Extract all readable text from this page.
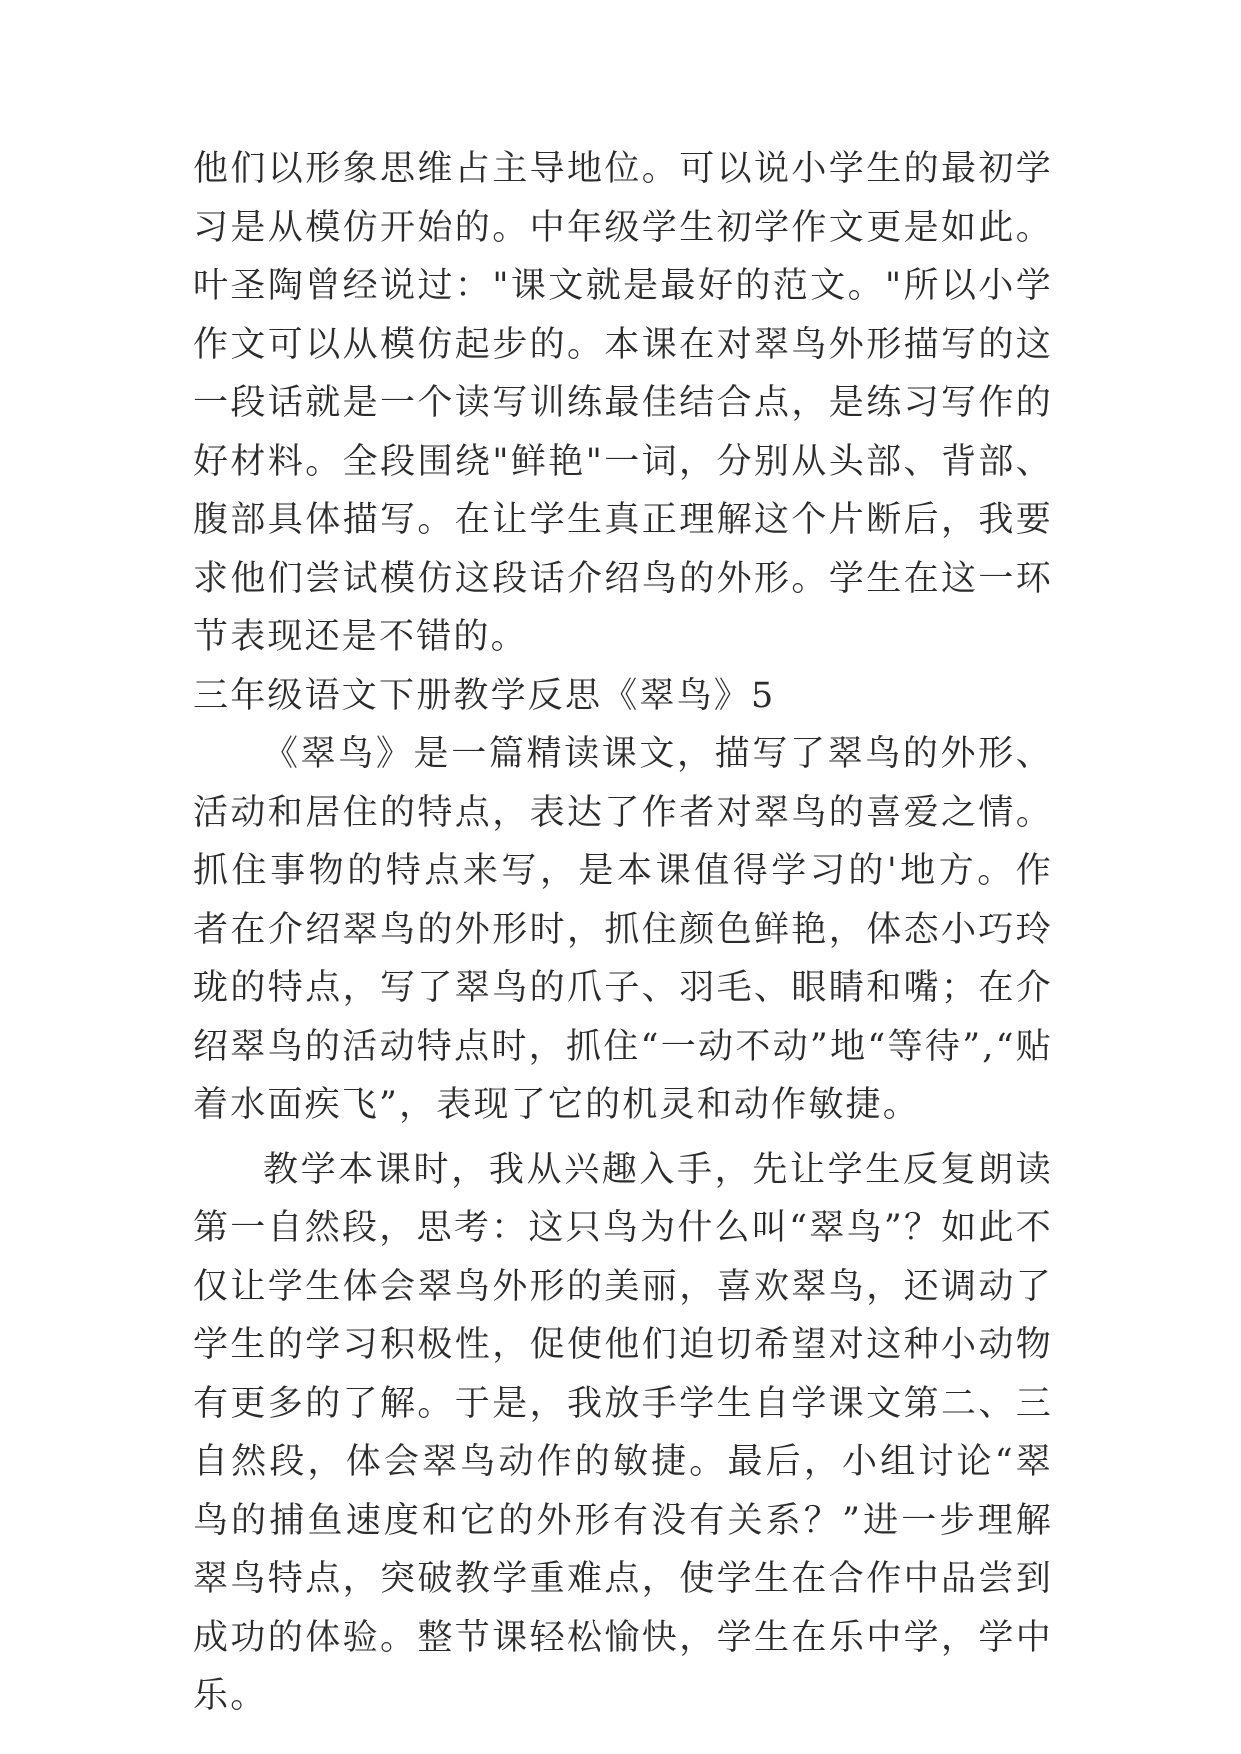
他们以形象思维占主导地位。可以说小学生的最初学习是从模仿开始的。中年级学生初学作文更是如此。叶圣陶曾经说过："课文就是最好的范文。"所以小学作文可以从模仿起步的。本课在对翠鸟外形描写的这一段话就是一个读写训练最佳结合点，是练习写作的好材料。全段围绕"鲜艳"一词，分别从头部、背部、腹部具体描写。在让学生真正理解这个片断后，我要求他们尝试模仿这段话介绍鸟的外形。学生在这一环节表现还是不错的。

三年级语文下册教学反思《翠鸟》5

《翠鸟》是一篇精读课文，描写了翠鸟的外形、活动和居住的特点，表达了作者对翠鸟的喜爱之情。抓住事物的特点来写，是本课值得学习的'地方。作者在介绍翠鸟的外形时，抓住颜色鲜艳，体态小巧玲珑的特点，写了翠鸟的爪子、羽毛、眼睛和嘴；在介绍翠鸟的活动特点时，抓住“一动不动”地“等待”,“贴着水面疾飞”，表现了它的机灵和动作敏捷。

教学本课时，我从兴趣入手，先让学生反复朗读第一自然段，思考：这只鸟为什么叫“翠鸟”？如此不仅让学生体会翠鸟外形的美丽，喜欢翠鸟，还调动了学生的学习积极性，促使他们迫切希望对这种小动物有更多的了解。于是，我放手学生自学课文第二、三自然段，体会翠鸟动作的敏捷。最后，小组讨论“翠鸟的捕鱼速度和它的外形有没有关系？”进一步理解翠鸟特点，突破教学重难点，使学生在合作中品尝到成功的体验。整节课轻松愉快，学生在乐中学，学中乐。
